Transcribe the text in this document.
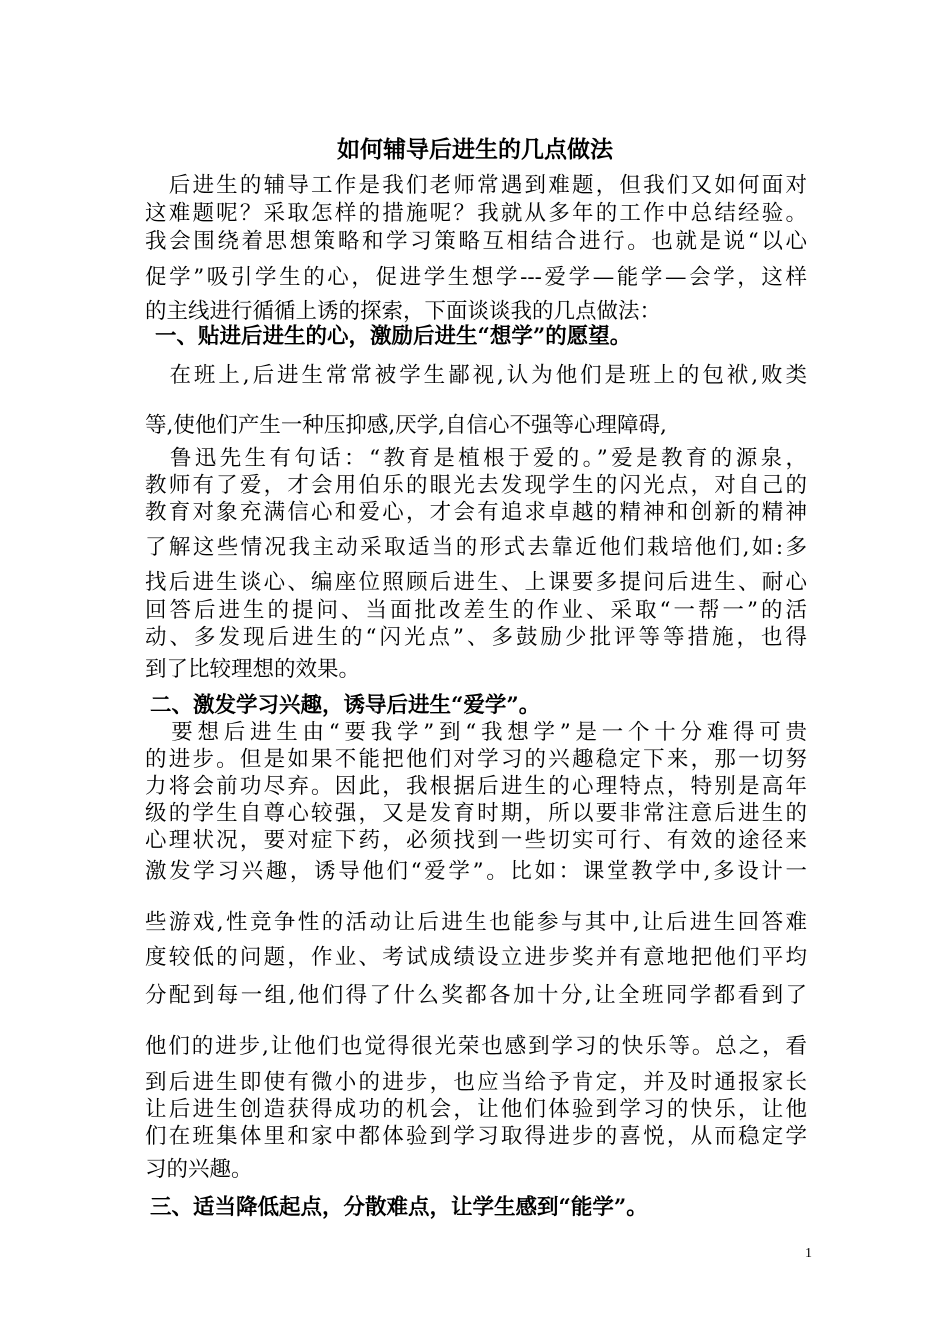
如何辅导后进生的几点做法
　后进生的辅导工作是我们老师常遇到难题，但我们又如何面对
这难题呢？采取怎样的措施呢？我就从多年的工作中总结经验。
我会围绕着思想策略和学习策略互相结合进行。也就是说“以心
促学”吸引学生的心，促进学生想学---爱学—能学—会学，这样
的主线进行循循上诱的探索，下面谈谈我的几点做法：
一、贴进后进生的心，激励后进生“想学”的愿望。
　在班上,后进生常常被学生鄙视,认为他们是班上的包袱,败类
等,使他们产生一种压抑感,厌学,自信心不强等心理障碍,
　鲁迅先生有句话：“教育是植根于爱的。”爱是教育的源泉，
教师有了爱，才会用伯乐的眼光去发现学生的闪光点，对自己的
教育对象充满信心和爱心，才会有追求卓越的精神和创新的精神
了解这些情况我主动采取适当的形式去靠近他们栽培他们,如:多
找后进生谈心、编座位照顾后进生、上课要多提问后进生、耐心
回答后进生的提问、当面批改差生的作业、采取“一帮一”的活
动、多发现后进生的“闪光点”、多鼓励少批评等等措施，也得
到了比较理想的效果。
二、激发学习兴趣，诱导后进生“爱学”。
　要想后进生由“要我学”到“我想学”是一个十分难得可贵
的进步。但是如果不能把他们对学习的兴趣稳定下来，那一切努
力将会前功尽弃。因此，我根据后进生的心理特点，特别是高年
级的学生自尊心较强，又是发育时期，所以要非常注意后进生的
心理状况，要对症下药，必须找到一些切实可行、有效的途径来
激发学习兴趣，诱导他们“爱学”。比如：课堂教学中,多设计一
些游戏,性竞争性的活动让后进生也能参与其中,让后进生回答难
度较低的问题，作业、考试成绩设立进步奖并有意地把他们平均
分配到每一组,他们得了什么奖都各加十分,让全班同学都看到了
他们的进步,让他们也觉得很光荣也感到学习的快乐等。总之，看
到后进生即使有微小的进步，也应当给予肯定，并及时通报家长
让后进生创造获得成功的机会，让他们体验到学习的快乐，让他
们在班集体里和家中都体验到学习取得进步的喜悦，从而稳定学
习的兴趣。
三、适当降低起点，分散难点，让学生感到“能学”。
1
